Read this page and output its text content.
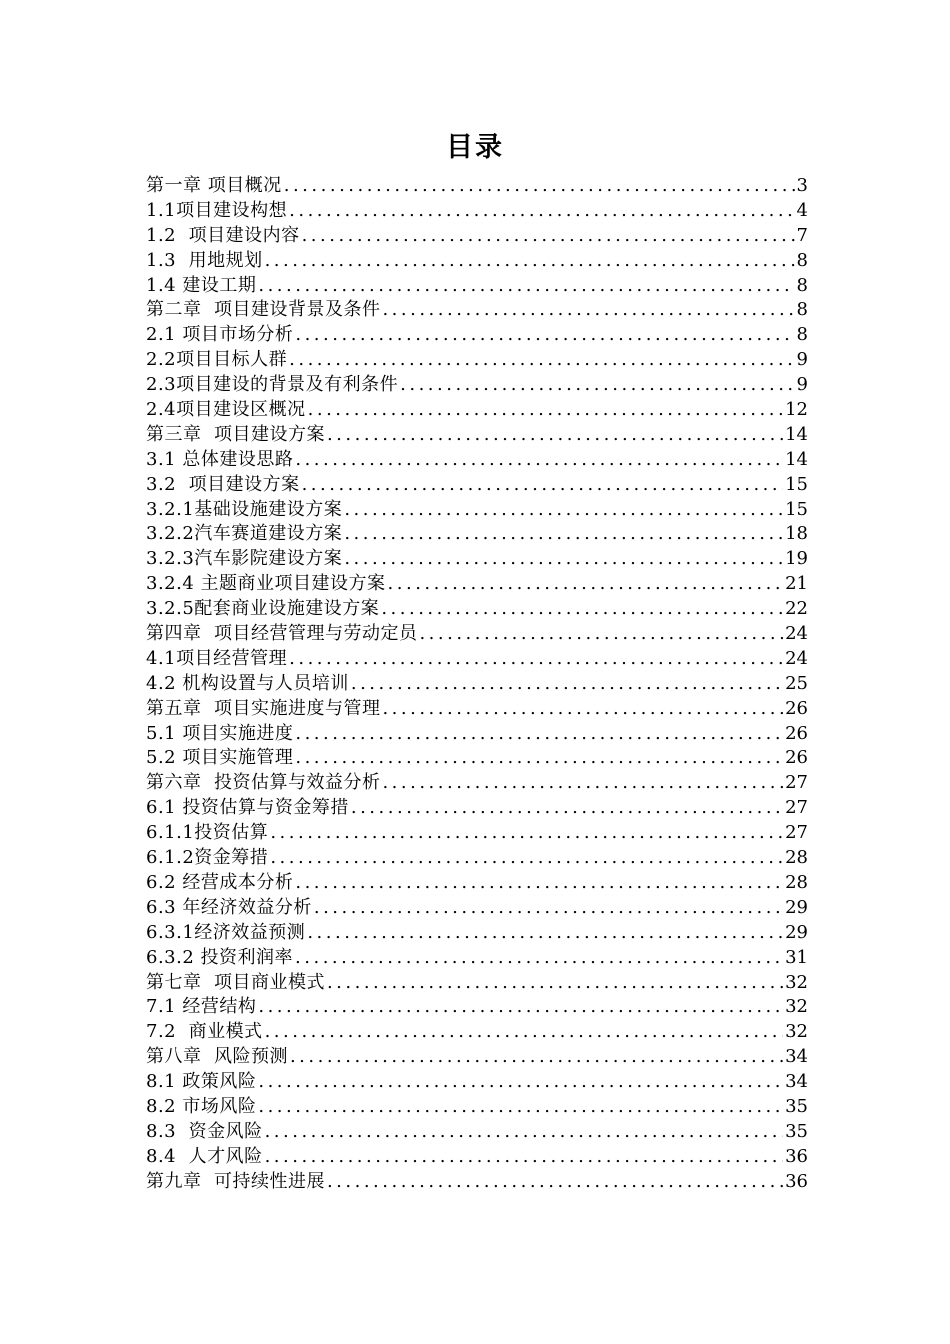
目录
第一章 项目概况 .....	3
1.1项目建设构想 .....	4
1.2  项目建设内容 .....	7
1.3  用地规划 .....	8
1.4 建设工期 .....	8
第二章  项目建设背景及条件 .....	8
2.1 项目市场分析 .....	8
2.2项目目标人群 .....	9
2.3项目建设的背景及有利条件 .....	9
2.4项目建设区概况 .....	12
第三章  项目建设方案 .....	14
3.1 总体建设思路 .....	14
3.2  项目建设方案 .....	15
3.2.1基础设施建设方案 .....	15
3.2.2汽车赛道建设方案 .....	18
3.2.3汽车影院建设方案 .....	19
3.2.4 主题商业项目建设方案 .....	21
3.2.5配套商业设施建设方案 .....	22
第四章  项目经营管理与劳动定员 .....	24
4.1项目经营管理 .....	24
4.2 机构设置与人员培训 .....	25
第五章  项目实施进度与管理 .....	26
5.1 项目实施进度 .....	26
5.2 项目实施管理 .....	26
第六章  投资估算与效益分析 .....	27
6.1 投资估算与资金筹措 .....	27
6.1.1投资估算 .....	27
6.1.2资金筹措 .....	28
6.2 经营成本分析 .....	28
6.3 年经济效益分析 .....	29
6.3.1经济效益预测 .....	29
6.3.2 投资利润率 .....	31
第七章  项目商业模式 .....	32
7.1 经营结构 .....	32
7.2  商业模式 .....	32
第八章  风险预测 .....	34
8.1 政策风险 .....	34
8.2 市场风险 .....	35
8.3  资金风险 .....	35
8.4  人才风险 .....	36
第九章  可持续性进展 .....	36
